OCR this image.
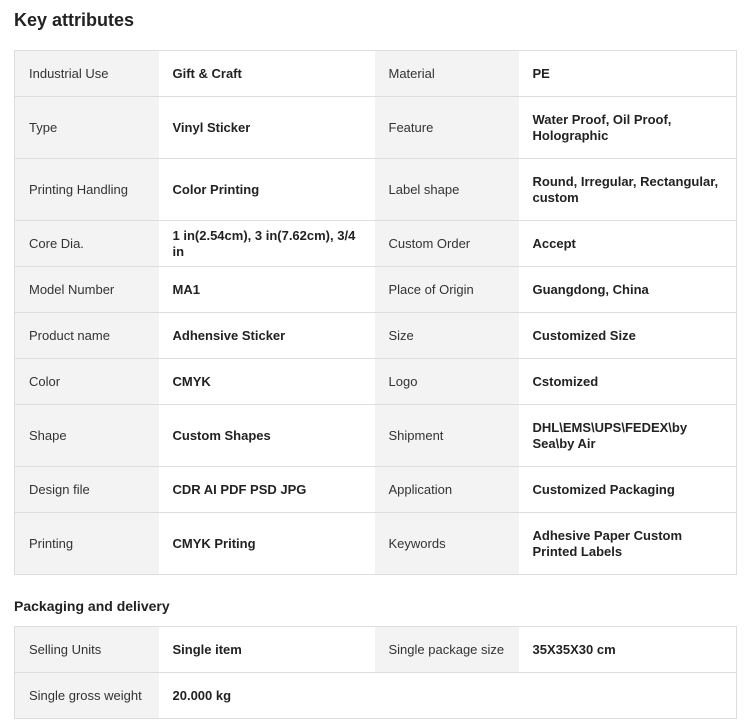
Key attributes
Industrial Use	Gift & Craft	Material	PE
Type	Vinyl Sticker	Feature	Water Proof, Oil Proof, Holographic
Printing Handling	Color Printing	Label shape	Round, Irregular, Rectangular, custom
Core Dia.	1 in(2.54cm), 3 in(7.62cm), 3/4 in	Custom Order	Accept
Model Number	MA1	Place of Origin	Guangdong, China
Product name	Adhensive Sticker	Size	Customized Size
Color	CMYK	Logo	Cstomized
Shape	Custom Shapes	Shipment	DHL\EMS\UPS\FEDEX\by Sea\by Air
Design file	CDR AI PDF PSD JPG	Application	Customized Packaging
Printing	CMYK Priting	Keywords	Adhesive Paper Custom Printed Labels
Packaging and delivery
Selling Units	Single item	Single package size	35X35X30 cm
Single gross weight	20.000 kg		
